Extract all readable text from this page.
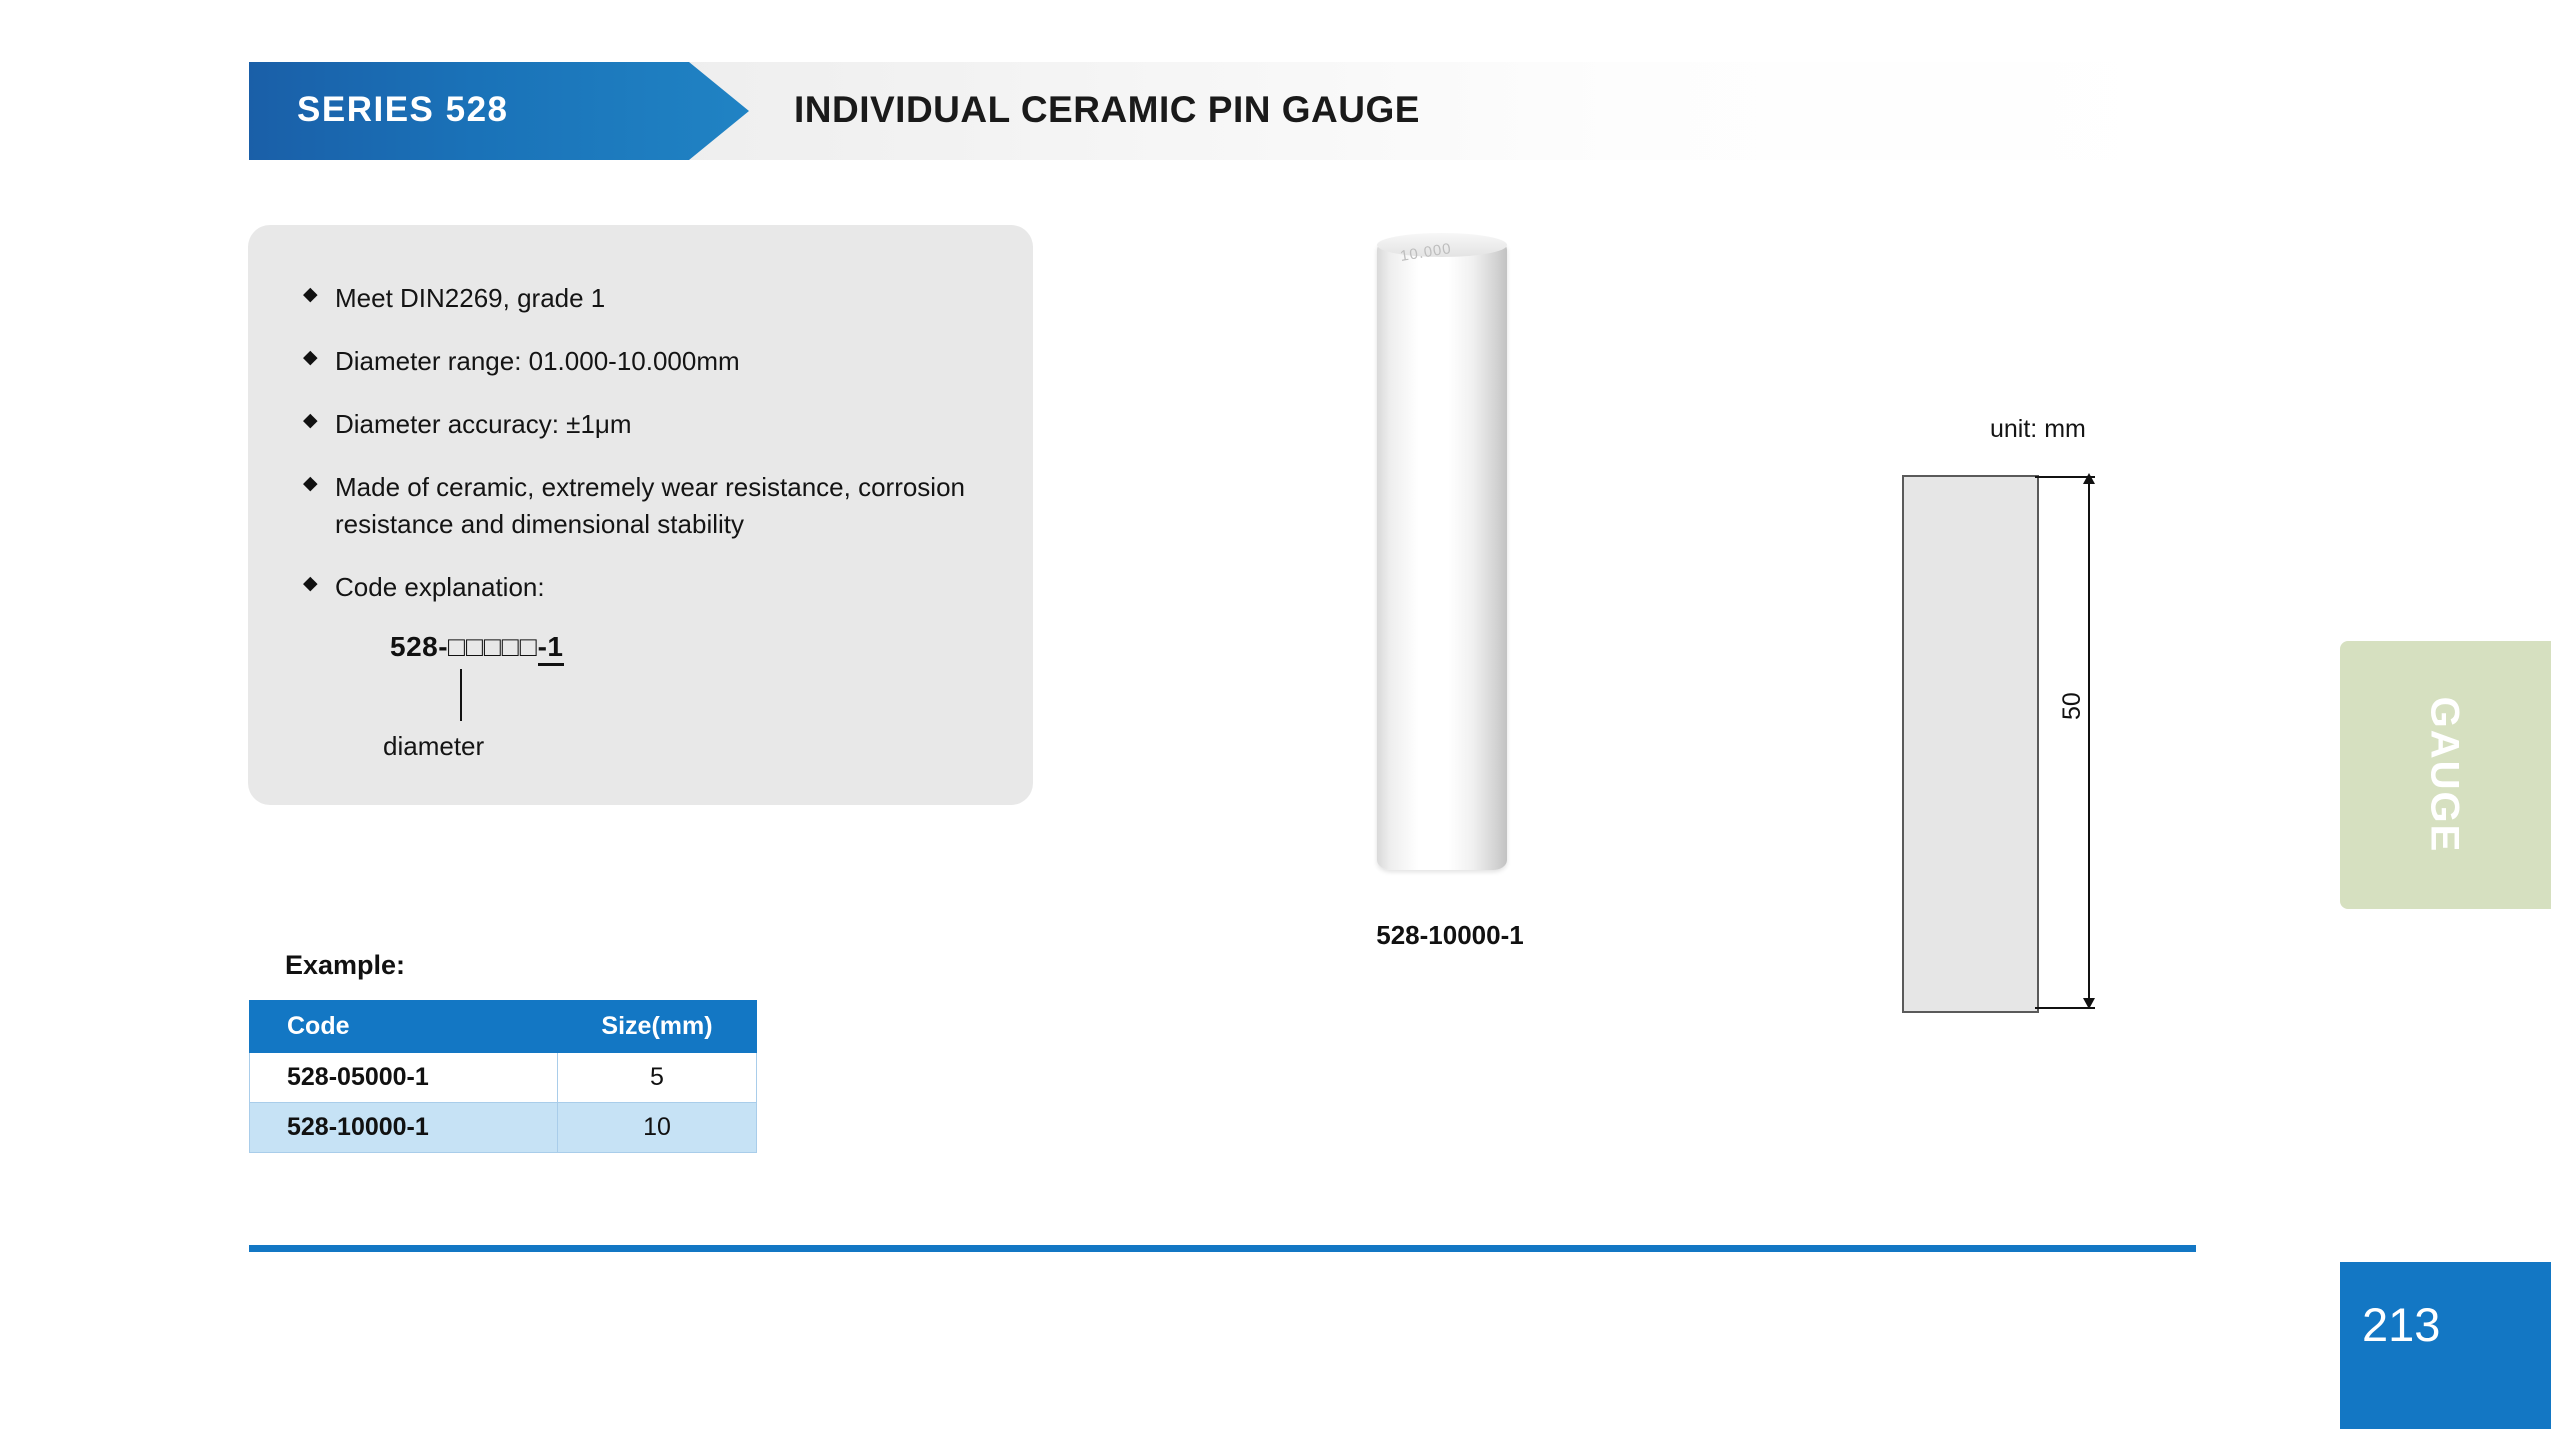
SERIES 528	INDIVIDUAL CERAMIC PIN GAUGE
◆ Meet DIN2269, grade 1
◆ Diameter range: 01.000-10.000mm
◆ Diameter accuracy: ±1μm
◆ Made of ceramic, extremely wear resistance, corrosion resistance and dimensional stability
◆ Code explanation:
528-□□□□□-1
diameter
10.000
528-10000-1
unit: mm
50
Example:
Code	Size(mm)
528-05000-1	5
528-10000-1	10
GAUGE
213
